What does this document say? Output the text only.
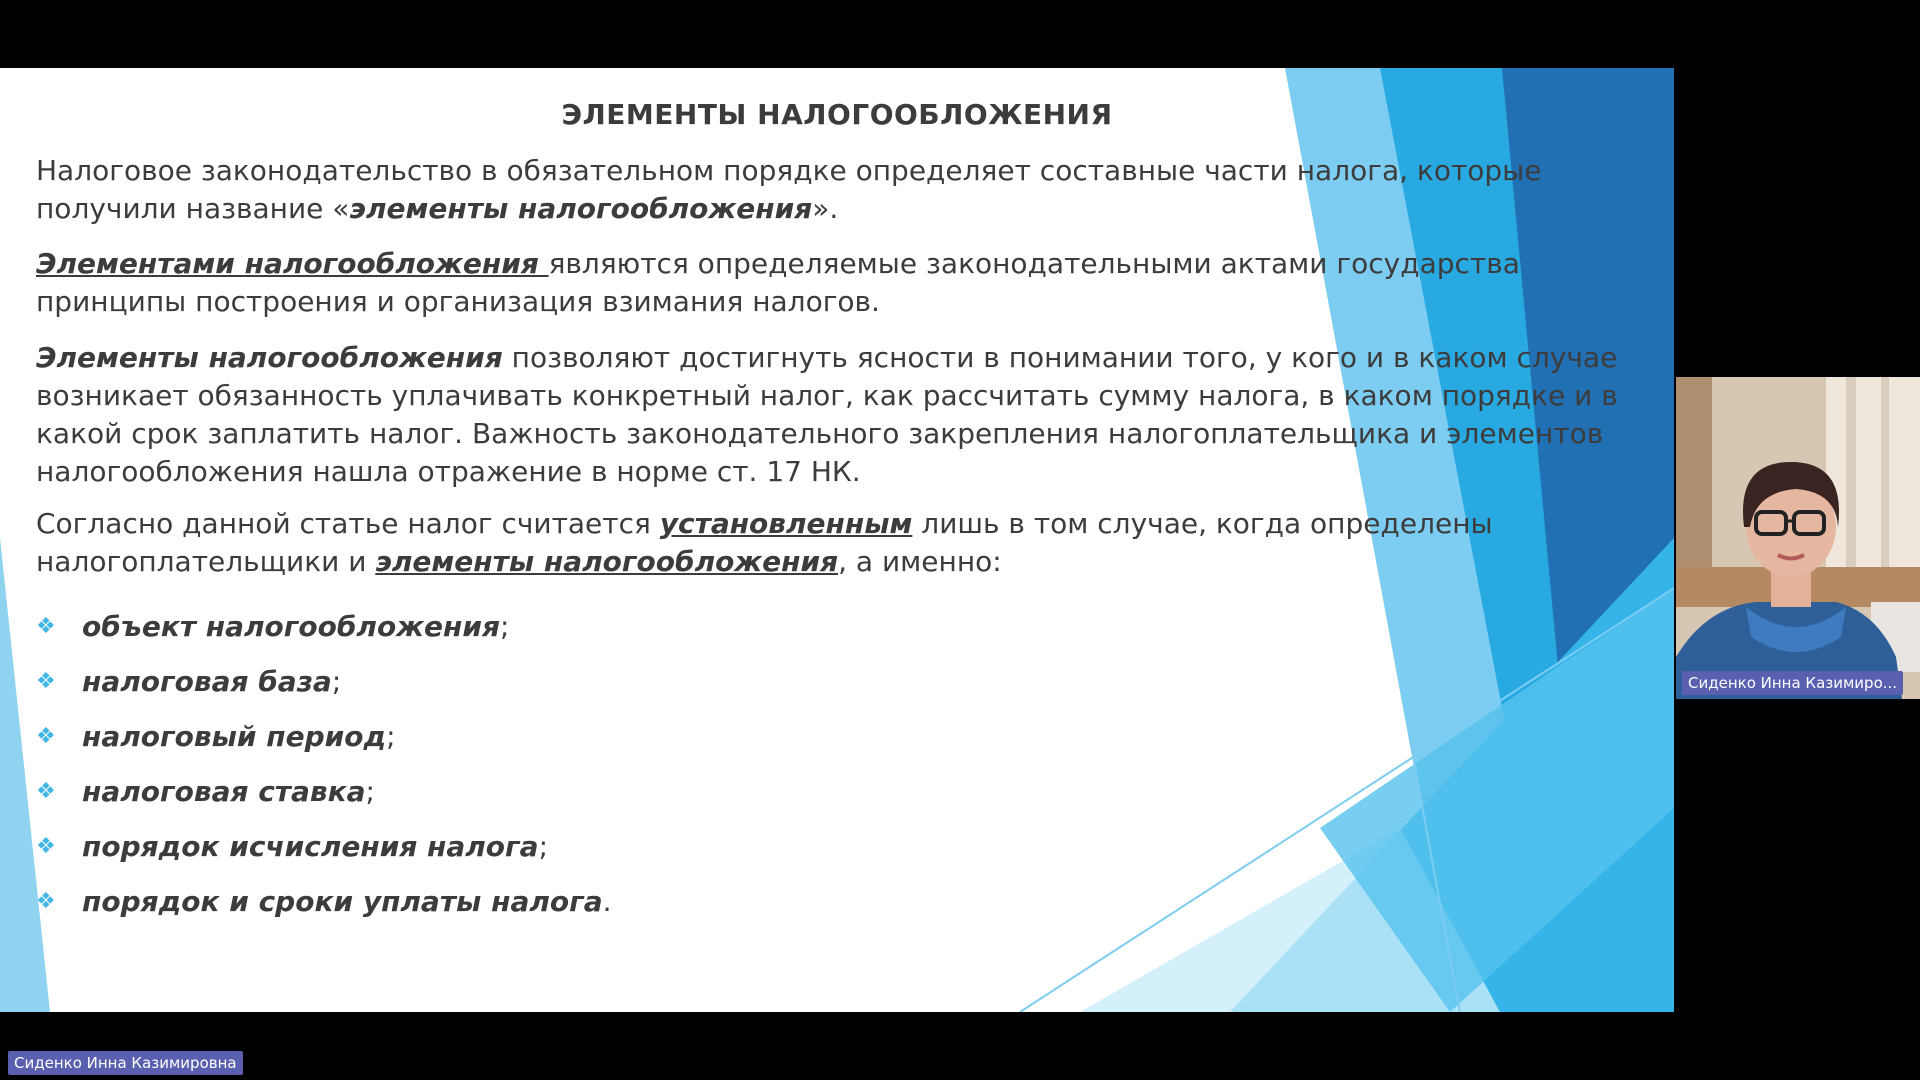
ЭЛЕМЕНТЫ НАЛОГООБЛОЖЕНИЯ

Налоговое законодательство в обязательном порядке определяет составные части налога, которые получили название «элементы налогообложения».

Элементами налогообложения являются определяемые законодательными актами государства принципы построения и организация взимания налогов.

Элементы налогообложения позволяют достигнуть ясности в понимании того, у кого и в каком случае возникает обязанность уплачивать конкретный налог, как рассчитать сумму налога, в каком порядке и в какой срок заплатить налог. Важность законодательного закрепления налогоплательщика и элементов налогообложения нашла отражение в норме ст. 17 НК.

Согласно данной статье налог считается установленным лишь в том случае, когда определены налогоплательщики и элементы налогообложения, а именно:

❖ объект налогообложения;
❖ налоговая база;
❖ налоговый период;
❖ налоговая ставка;
❖ порядок исчисления налога;
❖ порядок и сроки уплаты налога.
Сиденко Инна Казимиро...
Сиденко Инна Казимировна
